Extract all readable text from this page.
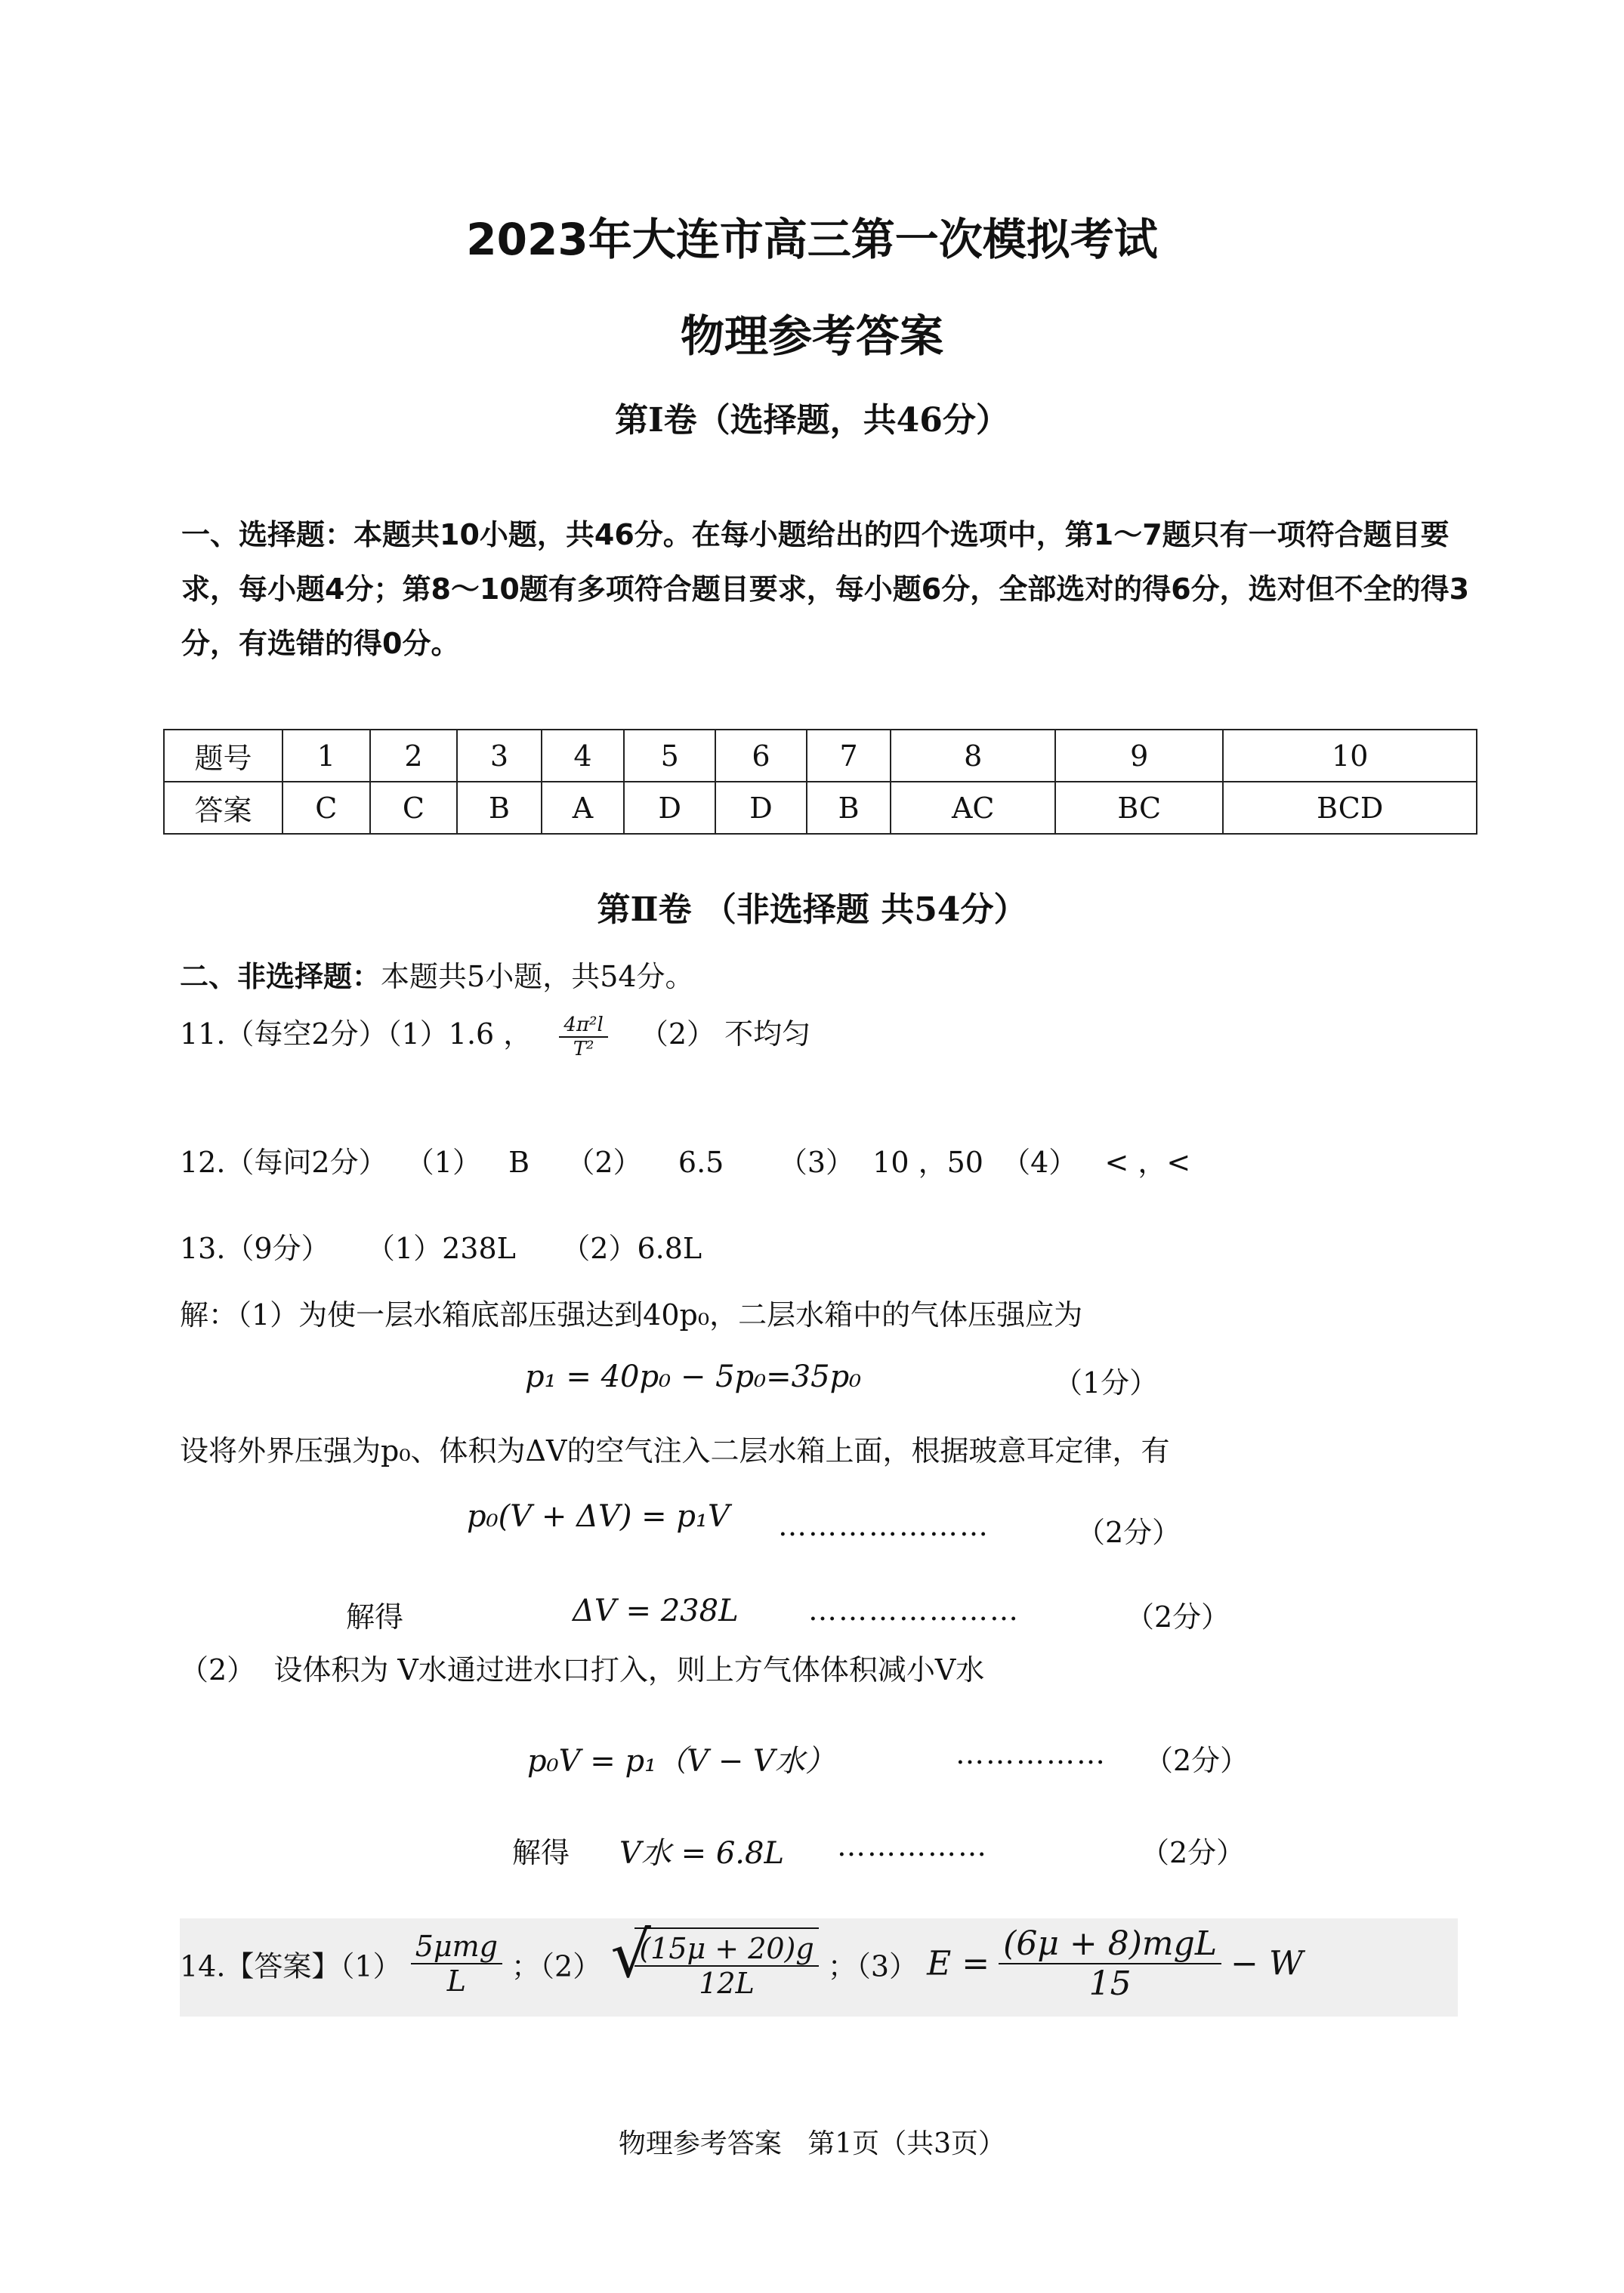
2023年大连市高三第一次模拟考试
物理参考答案
第Ⅰ卷（选择题，共46分）
一、选择题：本题共10小题，共46分。在每小题给出的四个选项中，第1～7题只有一项符合题目要求，每小题4分；第8～10题有多项符合题目要求，每小题6分，全部选对的得6分，选对但不全的得3分，有选错的得0分。
题号	1	2	3	4	5	6	7	8	9	10
答案	C	C	B	A	D	D	B	AC	BC	BCD
第Ⅱ卷 （非选择题 共54分）
二、非选择题：本题共5小题，共54分。
11.（每空2分）（1）1.6 ， $\frac{\text{4π²l}}{\text{T²}} (2)$ 不均匀
12.（每问2分）  （1）   B    （2）    6.5      （3）  10 ，50  （4）   < ，<
13.（9分）    （1）238L     （2）6.8L
解：（1）为使一层水箱底部压强达到40p₀，二层水箱中的气体压强应为
p₁ = 40p₀ − 5p₀=35p₀	（1分）
设将外界压强为p₀、体积为ΔV的空气注入二层水箱上面，根据玻意耳定律，有
p₀(V + ΔV) = p₁V …………………	（2分）
解得	ΔV = 238L …………………	（2分）
（2）  设体积为 V水通过进水口打入，则上方气体体积减小V水
p₀V = p₁（V − V水）	…………… （2分）
解得 V水 = 6.8L ……………	（2分）
14.【答案】$(1) \frac{\text{5μmg}}{L}$ ；（2） √
$\frac{(15\mu + 20)g}{12L}$ ；（3） $E = \frac{\text{(6μ + 8)mgL}}{15} - W$
物理参考答案   第1页（共3页）
